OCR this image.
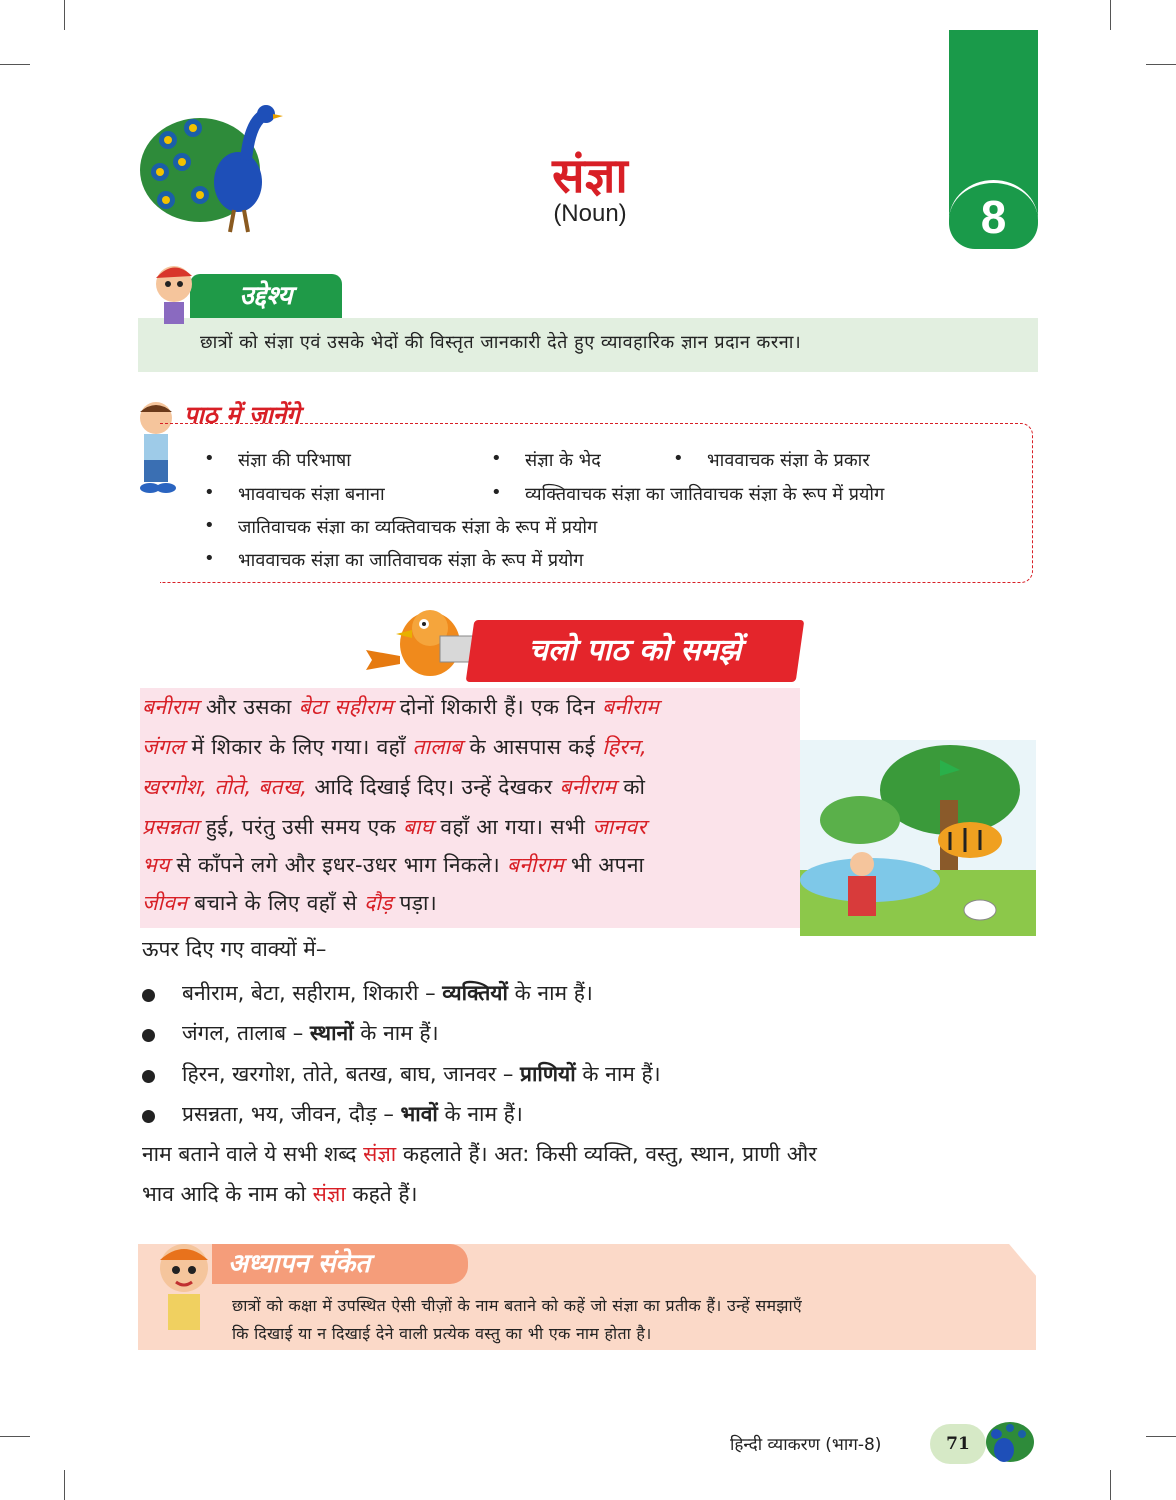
संज्ञा
(Noun)	8
उद्देश्य
छात्रों को संज्ञा एवं उसके भेदों की विस्तृत जानकारी देते हुए व्यावहारिक ज्ञान प्रदान करना।
पाठ में जानेंगे
• संज्ञा की परिभाषा	• संज्ञा के भेद	• भाववाचक संज्ञा के प्रकार
• भाववाचक संज्ञा बनाना	• व्यक्तिवाचक संज्ञा का जातिवाचक संज्ञा के रूप में प्रयोग
• जातिवाचक संज्ञा का व्यक्तिवाचक संज्ञा के रूप में प्रयोग
• भाववाचक संज्ञा का जातिवाचक संज्ञा के रूप में प्रयोग
चलो पाठ को समझें
बनीराम और उसका बेटा सहीराम दोनों शिकारी हैं। एक दिन बनीराम
जंगल में शिकार के लिए गया। वहाँ तालाब के आसपास कई हिरन,
खरगोश, तोते, बतख, आदि दिखाई दिए। उन्हें देखकर बनीराम को
प्रसन्नता हुई, परंतु उसी समय एक बाघ वहाँ आ गया। सभी जानवर
भय से काँपने लगे और इधर-उधर भाग निकले। बनीराम भी अपना
जीवन बचाने के लिए वहाँ से दौड़ पड़ा।
ऊपर दिए गए वाक्यों में–
बनीराम, बेटा, सहीराम, शिकारी – व्यक्तियों के नाम हैं।
जंगल, तालाब – स्थानों के नाम हैं।
हिरन, खरगोश, तोते, बतख, बाघ, जानवर – प्राणियों के नाम हैं।
प्रसन्नता, भय, जीवन, दौड़ – भावों के नाम हैं।
नाम बताने वाले ये सभी शब्द संज्ञा कहलाते हैं। अत: किसी व्यक्ति, वस्तु, स्थान, प्राणी और
भाव आदि के नाम को संज्ञा कहते हैं।
अध्यापन संकेत
छात्रों को कक्षा में उपस्थित ऐसी चीज़ों के नाम बताने को कहें जो संज्ञा का प्रतीक हैं। उन्हें समझाएँ
कि दिखाई या न दिखाई देने वाली प्रत्येक वस्तु का भी एक नाम होता है।
हिन्दी व्याकरण (भाग-8)	71
